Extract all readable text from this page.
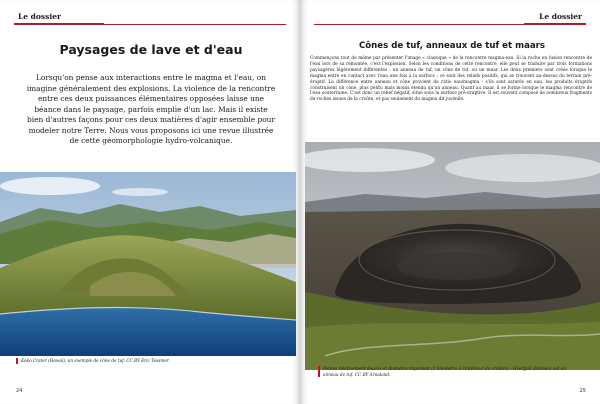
Le dossier
Paysages de lave et d'eau

Lorsqu'on pense aux interactions entre le magma et l'eau, on imagine généralement des explosions. La violence de la rencontre entre ces deux puissances élémentaires opposées laisse une béance dans le paysage, parfois emplie d'un lac. Mais il existe bien d'autres façons pour ces deux matières d'agir ensemble pour modeler notre Terre. Nous vous proposons ici une revue illustrée de cette géomorphologie hydro-volcanique.

Koko Crater (Hawaï), un exemple de cône de tuf. CC BY Eric Tessmer.

24
Le dossier
Cônes de tuf, anneaux de tuf et maars

Commençons tout de même par présenter l'image « classique » de la rencontre magma-eau. Si la roche en fusion rencontre de l'eau lors de sa remontée, c'est l'explosion. Selon les conditions de cette rencontre, elle peut se traduire par trois formations paysagères légèrement différentes : un anneau de tuf, un cône de tuf, ou un maar. Les deux premiers sont créés lorsque le magma entre en contact avec l'eau une fois à la surface ; ce sont des reliefs positifs, qui se trouvent au-dessus du terrain pré-éruptif. La différence entre anneau et cône provient du ratio eau/magma : s'ils sont saturés en eau, les produits éruptifs construisent un cône, plus pentu mais moins étendu qu'un anneau. Quant au maar, il se forme lorsque le magma rencontre de l'eau souterraine. C'est donc un relief négatif, situé sous la surface pré-éruptive. Il est souvent composé de nombreux fragments de roches issues de la croûte, et pas seulement du magma dit juvénile.

Pentes relativement douces et diamètre important (1 kilomètre à l'intérieur du cratère) : Hverfjall (Islande) est un anneau de tuf. CC BY Arnaland.

25
